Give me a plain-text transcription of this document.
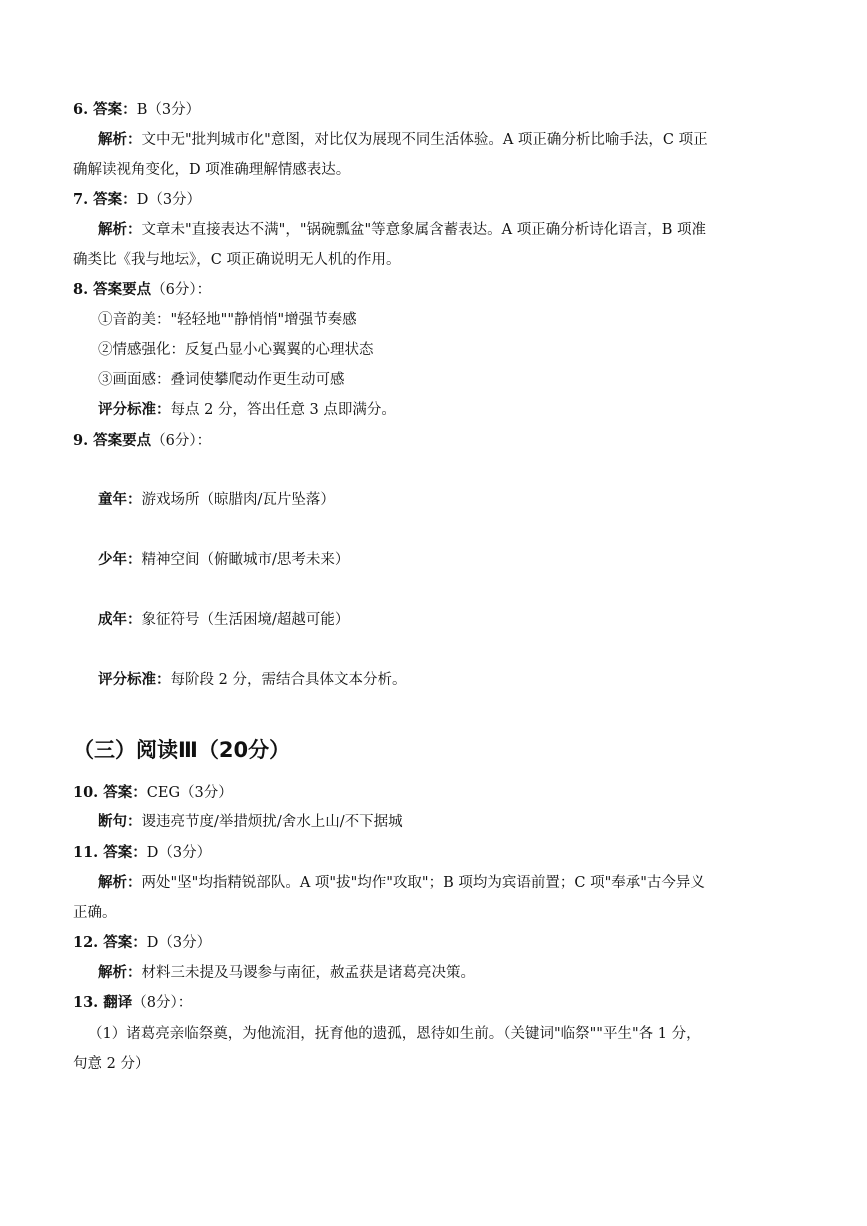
6. 答案：B（3分）
解析：文中无"批判城市化"意图，对比仅为展现不同生活体验。A 项正确分析比喻手法，C 项正
确解读视角变化，D 项准确理解情感表达。
7. 答案：D（3分）
解析：文章未"直接表达不满"，"锅碗瓢盆"等意象属含蓄表达。A 项正确分析诗化语言，B 项准
确类比《我与地坛》，C 项正确说明无人机的作用。
8. 答案要点（6分）：
①音韵美："轻轻地""静悄悄"增强节奏感
②情感强化：反复凸显小心翼翼的心理状态
③画面感：叠词使攀爬动作更生动可感
评分标准：每点 2 分，答出任意 3 点即满分。
9. 答案要点（6分）：
童年：游戏场所（晾腊肉/瓦片坠落）
少年：精神空间（俯瞰城市/思考未来）
成年：象征符号（生活困境/超越可能）
评分标准：每阶段 2 分，需结合具体文本分析。
（三）阅读Ⅲ（20分）
10. 答案：CEG（3分）
断句：谡违亮节度/举措烦扰/舍水上山/不下据城
11. 答案：D（3分）
解析：两处"坚"均指精锐部队。A 项"拔"均作"攻取"；B 项均为宾语前置；C 项"奉承"古今异义
正确。
12. 答案：D（3分）
解析：材料三未提及马谡参与南征，赦孟获是诸葛亮决策。
13. 翻译（8分）：
（1）诸葛亮亲临祭奠，为他流泪，抚育他的遗孤，恩待如生前。（关键词"临祭""平生"各 1 分，
句意 2 分）
